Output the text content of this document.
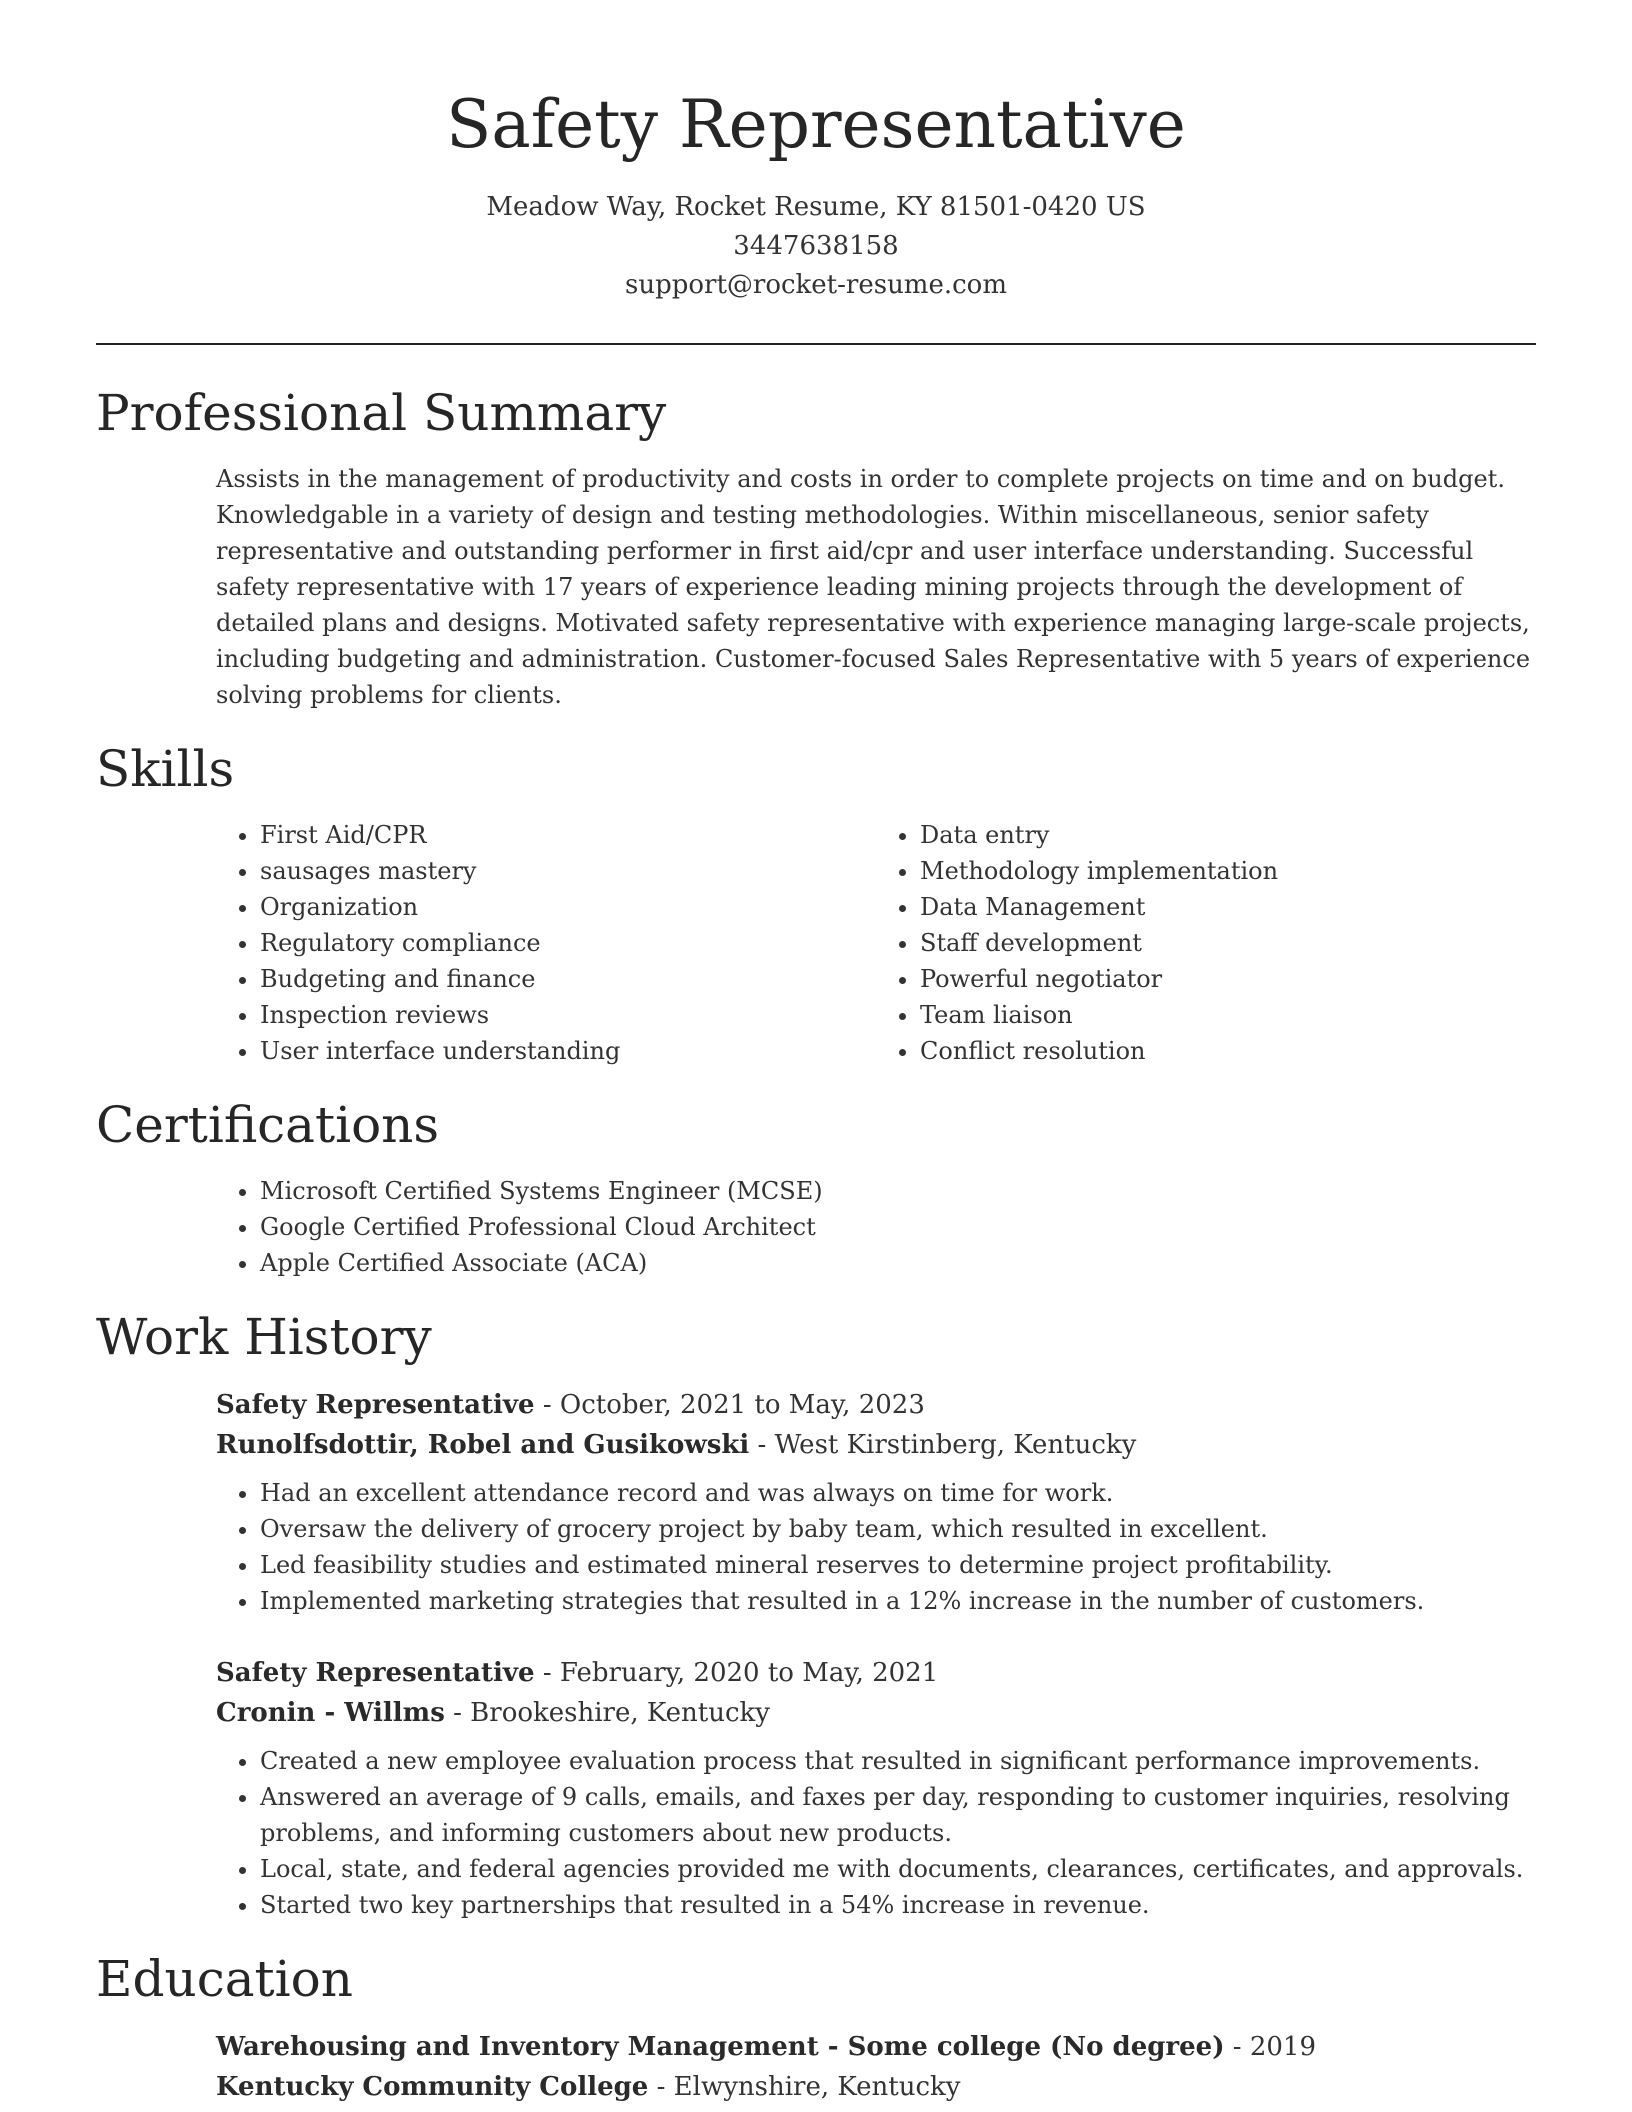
Safety Representative
Meadow Way, Rocket Resume, KY 81501-0420 US
3447638158
support@rocket-resume.com
Professional Summary
Assists in the management of productivity and costs in order to complete projects on time and on budget. Knowledgable in a variety of design and testing methodologies. Within miscellaneous, senior safety representative and outstanding performer in first aid/cpr and user interface understanding. Successful safety representative with 17 years of experience leading mining projects through the development of detailed plans and designs. Motivated safety representative with experience managing large-scale projects, including budgeting and administration. Customer-focused Sales Representative with 5 years of experience solving problems for clients.
Skills
• First Aid/CPR
• sausages mastery
• Organization
• Regulatory compliance
• Budgeting and finance
• Inspection reviews
• User interface understanding
• Data entry
• Methodology implementation
• Data Management
• Staff development
• Powerful negotiator
• Team liaison
• Conflict resolution
Certifications
• Microsoft Certified Systems Engineer (MCSE)
• Google Certified Professional Cloud Architect
• Apple Certified Associate (ACA)
Work History
Safety Representative - October, 2021 to May, 2023
Runolfsdottir, Robel and Gusikowski - West Kirstinberg, Kentucky
• Had an excellent attendance record and was always on time for work.
• Oversaw the delivery of grocery project by baby team, which resulted in excellent.
• Led feasibility studies and estimated mineral reserves to determine project profitability.
• Implemented marketing strategies that resulted in a 12% increase in the number of customers.
Safety Representative - February, 2020 to May, 2021
Cronin - Willms - Brookeshire, Kentucky
• Created a new employee evaluation process that resulted in significant performance improvements.
• Answered an average of 9 calls, emails, and faxes per day, responding to customer inquiries, resolving problems, and informing customers about new products.
• Local, state, and federal agencies provided me with documents, clearances, certificates, and approvals.
• Started two key partnerships that resulted in a 54% increase in revenue.
Education
Warehousing and Inventory Management - Some college (No degree) - 2019
Kentucky Community College - Elwynshire, Kentucky
